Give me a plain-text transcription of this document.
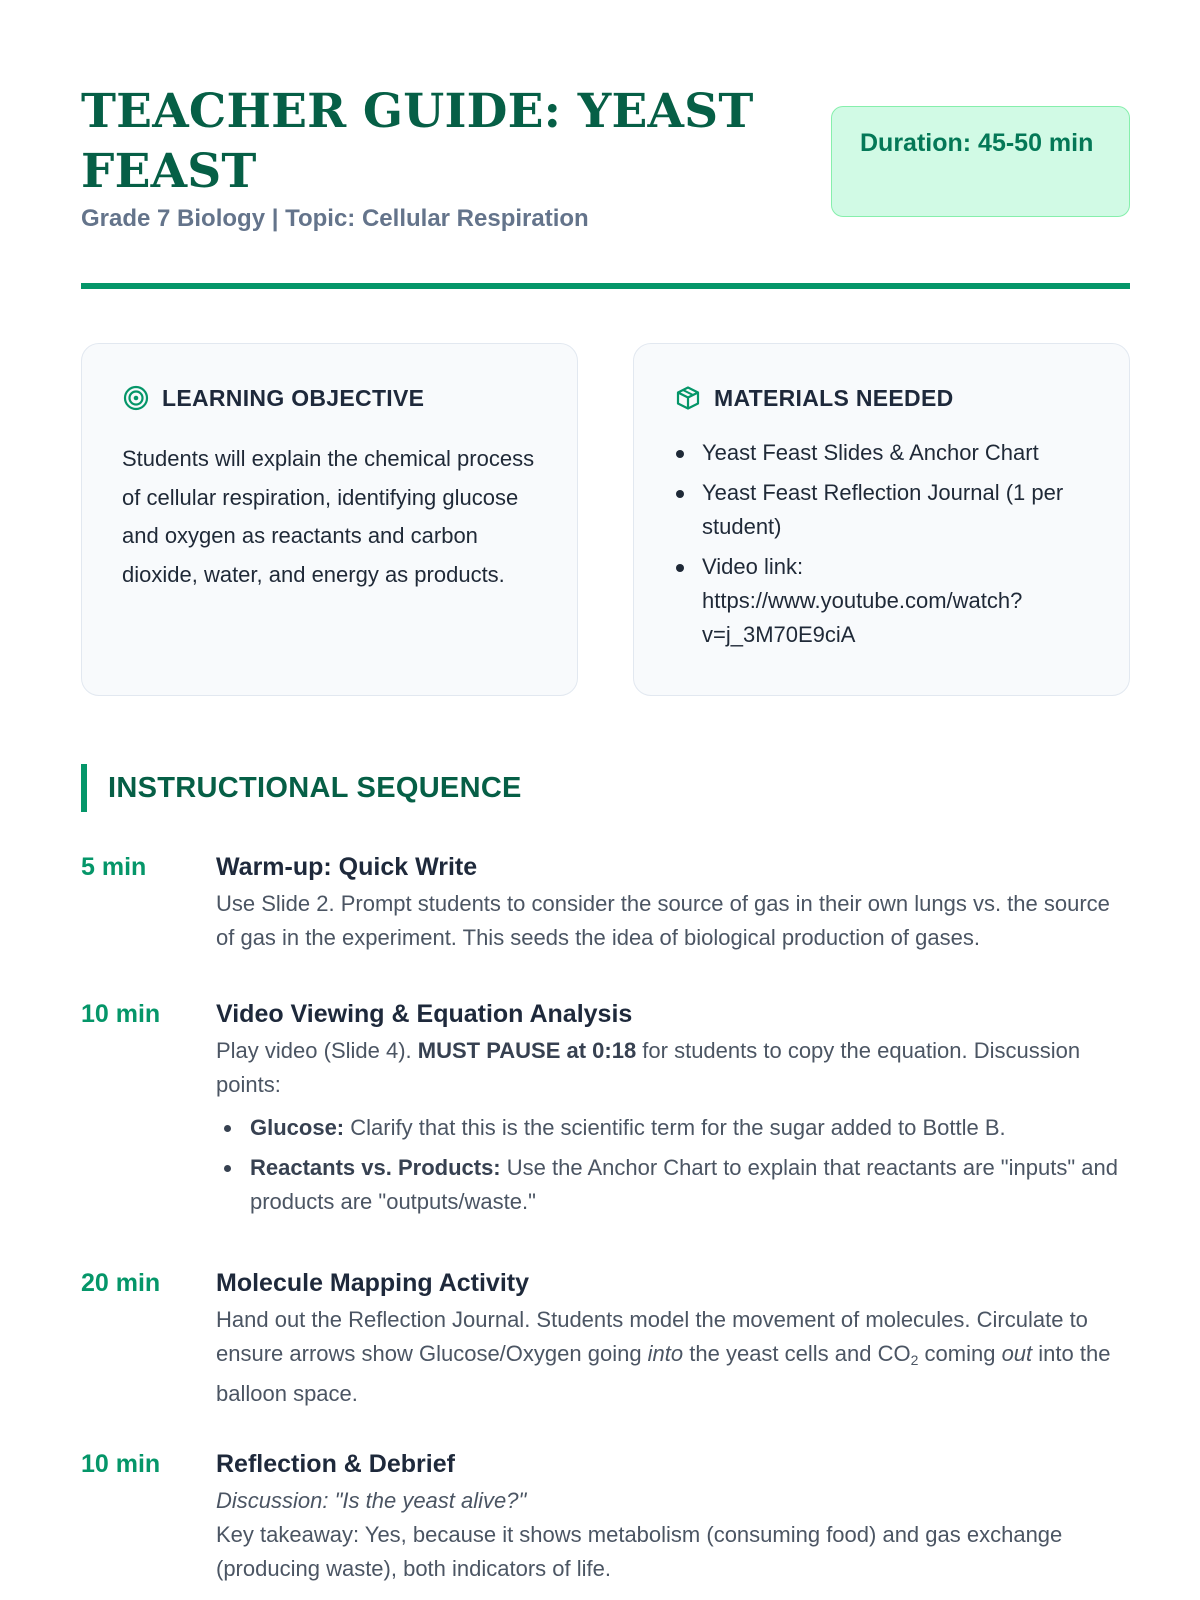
TEACHER GUIDE: YEAST FEAST
Grade 7 Biology | Topic: Cellular Respiration
Duration: 45-50 min
LEARNING OBJECTIVE

Students will explain the chemical process of cellular respiration, identifying glucose and oxygen as reactants and carbon dioxide, water, and energy as products.

MATERIALS NEEDED
Yeast Feast Slides & Anchor Chart
Yeast Feast Reflection Journal (1 per student)
Video link: https://www.youtube.com/watch?v=j_3M70E9ciA
INSTRUCTIONAL SEQUENCE
5 min	Warm-up: Quick Write
Use Slide 2. Prompt students to consider the source of gas in their own lungs vs. the source of gas in the experiment. This seeds the idea of biological production of gases.
10 min Video Viewing & Equation Analysis
Play video (Slide 4). MUST PAUSE at 0:18 for students to copy the equation. Discussion points:
Glucose: Clarify that this is the scientific term for the sugar added to Bottle B.
Reactants vs. Products: Use the Anchor Chart to explain that reactants are "inputs" and products are "outputs/waste."
20 min Molecule Mapping Activity
Hand out the Reflection Journal. Students model the movement of molecules. Circulate to ensure arrows show Glucose/Oxygen going into the yeast cells and $CO_2$ coming out into the balloon space.
10 min Reflection & Debrief
Discussion: "Is the yeast alive?"
Key takeaway: Yes, because it shows metabolism (consuming food) and gas exchange (producing waste), both indicators of life.
